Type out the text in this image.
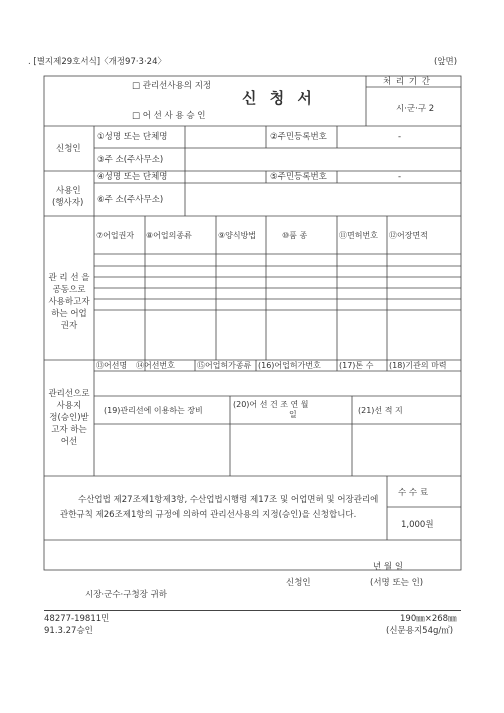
. [별지제29호서식]〈개정97·3·24〉	(앞면)
□ 관리선사용의 지정
□ 어 선 사 용 승 인
신 청 서
처 리 기 간
시·군·구 2
신청인
①성명 또는 단체명	②주민등록번호	-
③주 소(주사무소)
사용인
(행사자)
④성명 또는 단체명	⑤주민등록번호	-
⑥주 소(주사무소)
⑦어업권자 ⑧어업의종류	⑨양식방법	⑩품 종	⑪면허번호 ⑫어장면적
관 리 선 을
공동으로
사용하고자
하는 어업
권자
⑬어선명 ⑭어선번호	⑮어업허가종류 (16)어업허가번호 (17)톤 수 (18)기관의 마력
(19)관리선에 이용하는 장비
(20)어 선 건 조 연 월
일	(21)선 적 지
관리선으로
사용지
정(승인)받
고자 하는
어선
수산업법 제27조제1항제3항, 수산업법시행령 제17조 및 어업면허 및 어장관리에관한규칙 제26조제1항의 규정에 의하여 관리선사용의 지정(승인)을 신청합니다.
수 수 료
1,000원
년 월 일
신청인	(서명 또는 인)
시장·군수·구청장 귀하
48277-19811민
91.3.27승인
190㎜×268㎜
(신문용지54g/㎡)
